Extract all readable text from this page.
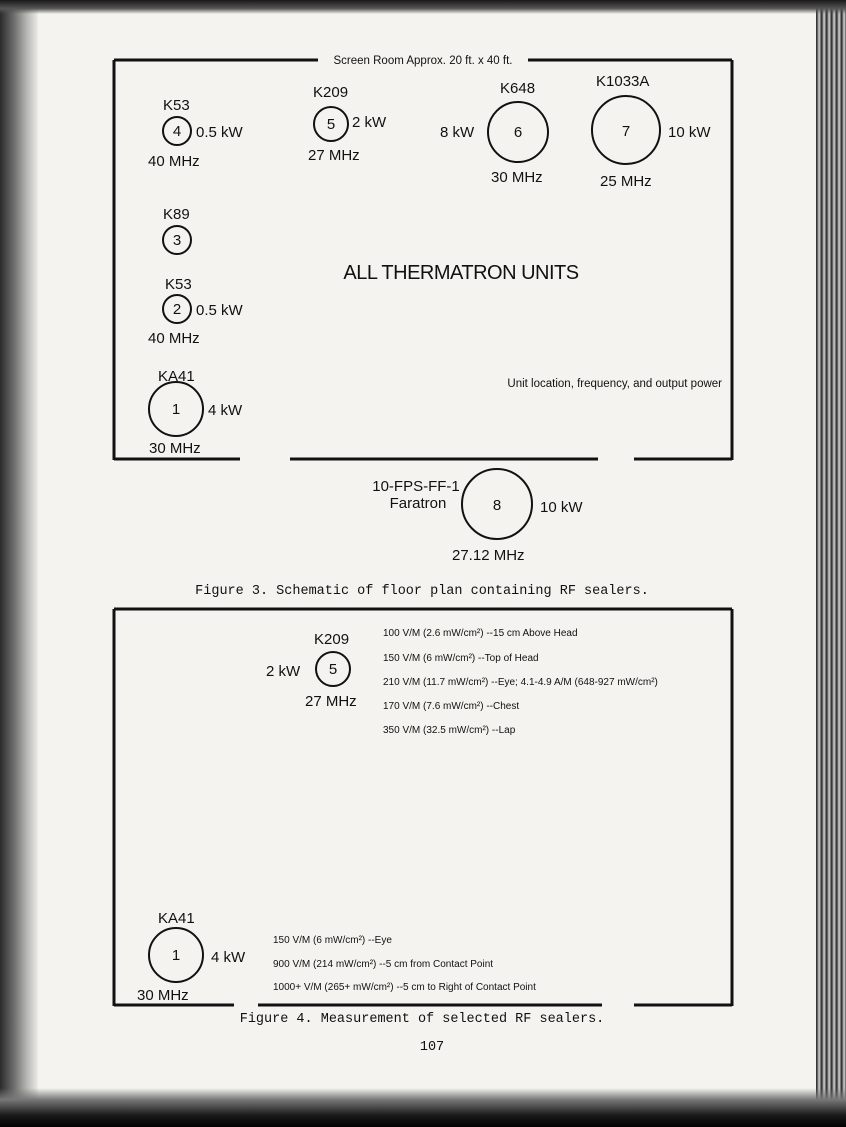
Screen Room Approx. 20 ft. x 40 ft.
K53
4 0.5 kW
40 MHz
K209
5 2 kW
27 MHz
K648
6
8 kW
30 MHz
K1033A
7	10 kW
25 MHz
K89
3
K53
2 0.5 kW
40 MHz
KA41
1 4 kW
30 MHz
ALL THERMATRON UNITS
Unit location, frequency, and output power
10-FPS-FF-1
Faratron	8	10 kW
27.12 MHz
Figure 3. Schematic of floor plan containing RF sealers.
K209
5
2 kW
27 MHz
100 V/M (2.6 mW/cm²) --15 cm Above Head
150 V/M (6 mW/cm²) --Top of Head
210 V/M (11.7 mW/cm²) --Eye; 4.1-4.9 A/M (648-927 mW/cm²)
170 V/M (7.6 mW/cm²) --Chest
350 V/M (32.5 mW/cm²) --Lap
KA41
1 4 kW
30 MHz
150 V/M (6 mW/cm²) --Eye
900 V/M (214 mW/cm²) --5 cm from Contact Point
1000+ V/M (265+ mW/cm²) --5 cm to Right of Contact Point
Figure 4. Measurement of selected RF sealers.
107
